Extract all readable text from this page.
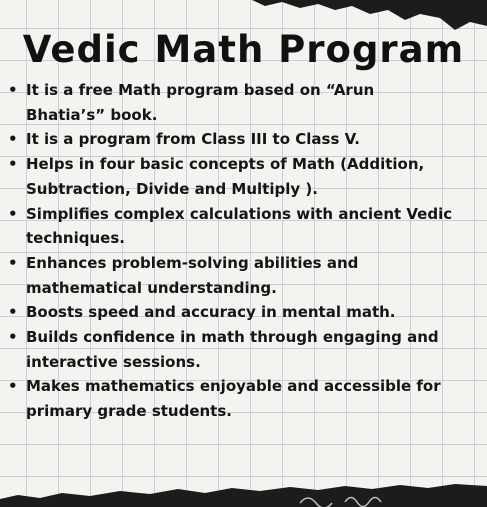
Vedic Math Program
• It is a free Math program based on “Arun
Bhatia’s” book.
• It is a program from Class III to Class V.
• Helps in four basic concepts of Math (Addition,
Subtraction, Divide and Multiply ).
• Simplifies complex calculations with ancient Vedic
techniques.
• Enhances problem-solving abilities and
mathematical understanding.
• Boosts speed and accuracy in mental math.
• Builds confidence in math through engaging and
interactive sessions.
• Makes mathematics enjoyable and accessible for
primary grade students.
